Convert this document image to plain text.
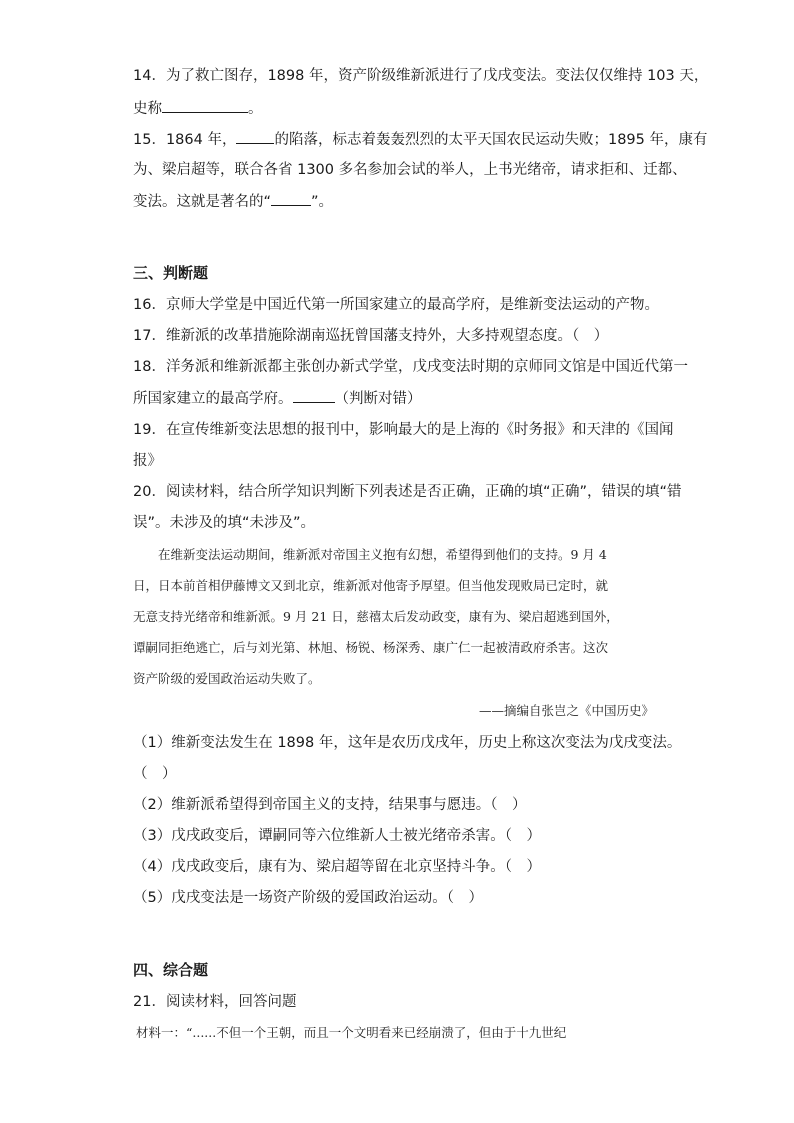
14．为了救亡图存，1898 年，资产阶级维新派进行了戊戌变法。变法仅仅维持 103 天，
史称	。
15．1864 年，	的陷落，标志着轰轰烈烈的太平天国农民运动失败；1895 年，康有
为、梁启超等，联合各省 1300 多名参加会试的举人，上书光绪帝，请求拒和、迁都、
变法。这就是著名的“	”。
三、判断题
16．京师大学堂是中国近代第一所国家建立的最高学府，是维新变法运动的产物。
17．维新派的改革措施除湖南巡抚曾国藩支持外，大多持观望态度。（　）
18．洋务派和维新派都主张创办新式学堂，戊戌变法时期的京师同文馆是中国近代第一
所国家建立的最高学府。	（判断对错）
19．在宣传维新变法思想的报刊中，影响最大的是上海的《时务报》和天津的《国闻
报》
20．阅读材料，结合所学知识判断下列表述是否正确，正确的填“正确”，错误的填“错
误”。未涉及的填“未涉及”。
　　在维新变法运动期间，维新派对帝国主义抱有幻想，希望得到他们的支持。9 月 4
日，日本前首相伊藤博文又到北京，维新派对他寄予厚望。但当他发现败局已定时，就
无意支持光绪帝和维新派。9 月 21 日，慈禧太后发动政变，康有为、梁启超逃到国外，
谭嗣同拒绝逃亡，后与刘光第、林旭、杨锐、杨深秀、康广仁一起被清政府杀害。这次
资产阶级的爱国政治运动失败了。
——摘编自张岂之《中国历史》
（1）维新变法发生在 1898 年，这年是农历戊戌年，历史上称这次变法为戊戌变法。
（　）
（2）维新派希望得到帝国主义的支持，结果事与愿违。（　）
（3）戊戌政变后，谭嗣同等六位维新人士被光绪帝杀害。（　）
（4）戊戌政变后，康有为、梁启超等留在北京坚持斗争。（　）
（5）戊戌变法是一场资产阶级的爱国政治运动。（　）
四、综合题
21．阅读材料，回答问题
材料一：“......不但一个王朝，而且一个文明看来已经崩溃了，但由于十九世纪
